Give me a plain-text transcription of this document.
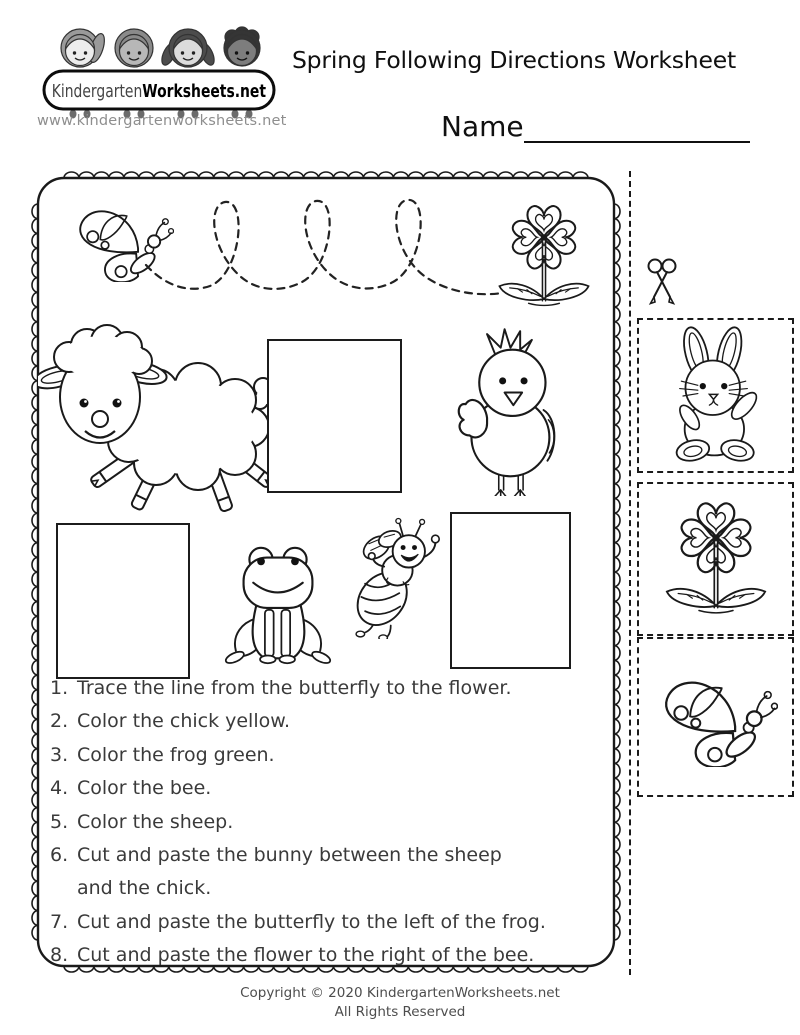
KindergartenWorksheets.net
www.kindergartenworksheets.net
Spring Following Directions Worksheet
Name
1. Trace the line from the butterfly to the flower.
2. Color the chick yellow.
3. Color the frog green.
4. Color the bee.
5. Color the sheep.
6. Cut and paste the bunny between the sheep
and the chick.
7. Cut and paste the butterfly to the left of the frog.
8. Cut and paste the flower to the right of the bee.
Copyright © 2020 KindergartenWorksheets.net
All Rights Reserved
